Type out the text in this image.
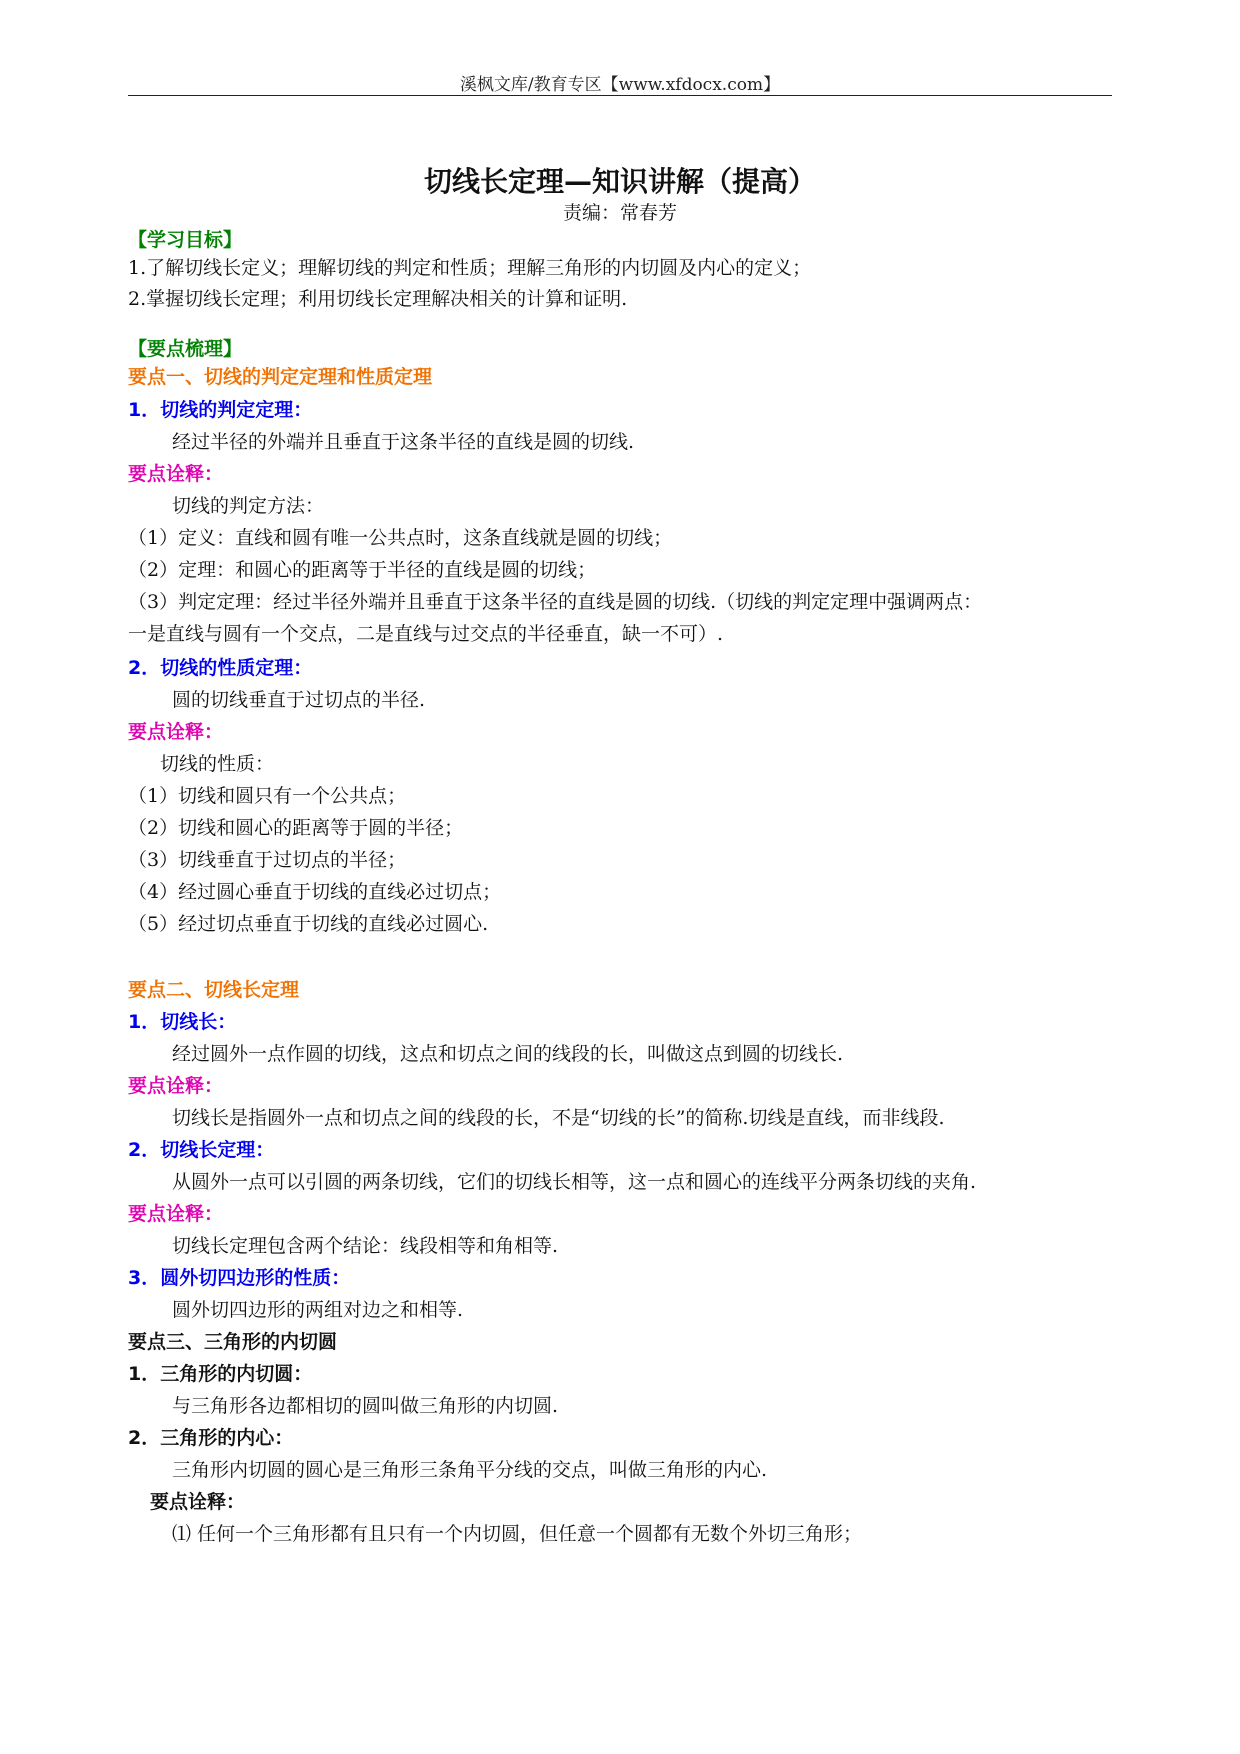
溪枫文库/教育专区【www.xfdocx.com】
切线长定理—知识讲解（提高）
责编：常春芳
【学习目标】
1.了解切线长定义；理解切线的判定和性质；理解三角形的内切圆及内心的定义；
2.掌握切线长定理；利用切线长定理解决相关的计算和证明.
【要点梳理】
要点一、切线的判定定理和性质定理
1．切线的判定定理：
经过半径的外端并且垂直于这条半径的直线是圆的切线.
要点诠释：
切线的判定方法：
（1）定义：直线和圆有唯一公共点时，这条直线就是圆的切线；
（2）定理：和圆心的距离等于半径的直线是圆的切线；
（3）判定定理：经过半径外端并且垂直于这条半径的直线是圆的切线.（切线的判定定理中强调两点：
一是直线与圆有一个交点，二是直线与过交点的半径垂直，缺一不可）.
2．切线的性质定理：
圆的切线垂直于过切点的半径.
要点诠释：
切线的性质：
（1）切线和圆只有一个公共点；
（2）切线和圆心的距离等于圆的半径；
（3）切线垂直于过切点的半径；
（4）经过圆心垂直于切线的直线必过切点；
（5）经过切点垂直于切线的直线必过圆心.
要点二、切线长定理
1．切线长：
经过圆外一点作圆的切线，这点和切点之间的线段的长，叫做这点到圆的切线长.
要点诠释：
切线长是指圆外一点和切点之间的线段的长，不是“切线的长”的简称.切线是直线，而非线段.
2．切线长定理：
从圆外一点可以引圆的两条切线，它们的切线长相等，这一点和圆心的连线平分两条切线的夹角.
要点诠释：
切线长定理包含两个结论：线段相等和角相等.
3．圆外切四边形的性质：
圆外切四边形的两组对边之和相等.
要点三、三角形的内切圆
1．三角形的内切圆：
与三角形各边都相切的圆叫做三角形的内切圆.
2．三角形的内心：
三角形内切圆的圆心是三角形三条角平分线的交点，叫做三角形的内心.
要点诠释：
⑴ 任何一个三角形都有且只有一个内切圆，但任意一个圆都有无数个外切三角形；
